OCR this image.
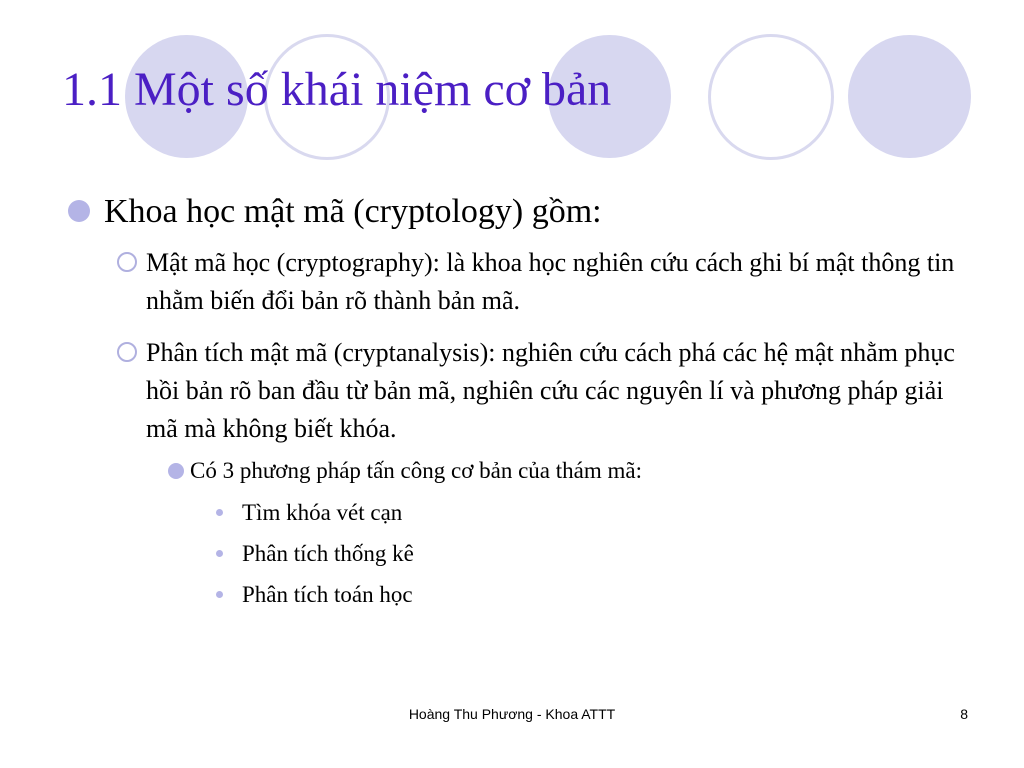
1.1 Một số khái niệm cơ bản

Khoa học mật mã (cryptology) gồm:

Mật mã học (cryptography): là khoa học nghiên cứu cách ghi bí mật thông tin nhằm biến đổi bản rõ thành bản mã.

Phân tích mật mã (cryptanalysis): nghiên cứu cách phá các hệ mật nhằm phục hồi bản rõ ban đầu từ bản mã, nghiên cứu các nguyên lí và phương pháp giải mã mà không biết khóa.

Có 3 phương pháp tấn công cơ bản của thám mã:

Tìm khóa vét cạn

Phân tích thống kê

Phân tích toán học

Hoàng Thu Phương - Khoa ATTT	8
